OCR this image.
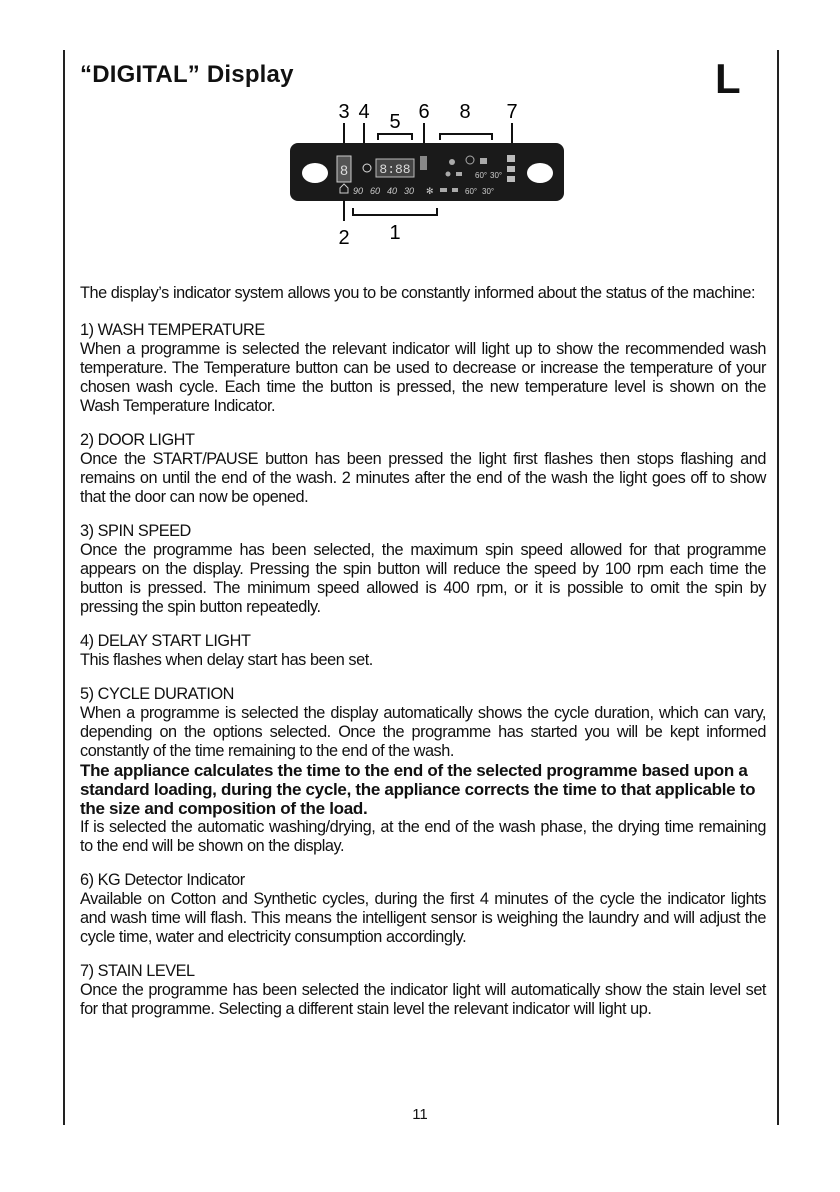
“DIGITAL” Display	L
3 4 5 6 8 7
8 8:88	60° 30°
90 60 40 30 ✻	60° 30°
2 1

The display’s indicator system allows you to be constantly informed about the status of the machine:

1) WASH TEMPERATURE

When a programme is selected the relevant indicator will light up to show the recommended wash temperature. The Temperature button can be used to decrease or increase the temperature of your chosen wash cycle. Each time the button is pressed, the new temperature level is shown on the Wash Temperature Indicator.

2) DOOR LIGHT

Once the START/PAUSE button has been pressed the light first flashes then stops flashing and remains on until the end of the wash. 2 minutes after the end of the wash the light goes off to show that the door can now be opened.

3) SPIN SPEED

Once the programme has been selected, the maximum spin speed allowed for that programme appears on the display. Pressing the spin button will reduce the speed by 100 rpm each time the button is pressed. The minimum speed allowed is 400 rpm, or it is possible to omit the spin by pressing the spin button repeatedly.

4) DELAY START LIGHT

This flashes when delay start has been set.

5) CYCLE DURATION

When a programme is selected the display automatically shows the cycle duration, which can vary, depending on the options selected. Once the programme has started you will be kept informed constantly of the time remaining to the end of the wash.

The appliance calculates the time to the end of the selected programme based upon a standard loading, during the cycle, the appliance corrects the time to that applicable to the size and composition of the load.

If is selected the automatic washing/drying, at the end of the wash phase, the drying time remaining to the end will be shown on the display.

6) KG Detector Indicator

Available on Cotton and Synthetic cycles, during the first 4 minutes of the cycle the indicator lights and wash time will flash. This means the intelligent sensor is weighing the laundry and will adjust the cycle time, water and electricity consumption accordingly.

7) STAIN LEVEL

Once the programme has been selected the indicator light will automatically show the stain level set for that programme. Selecting a different stain level the relevant indicator will light up.

11
